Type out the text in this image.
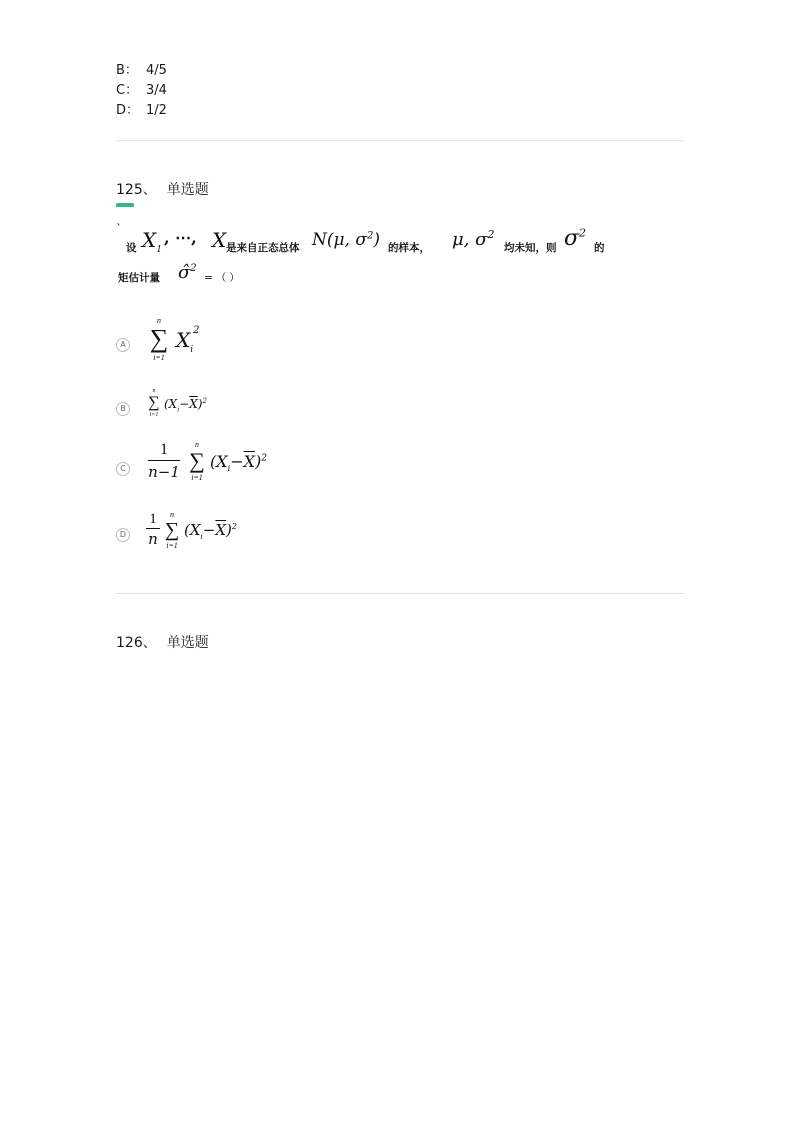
B： 4/5
C： 3/4
D： 1/2
125、 单选题
`
设 $X_1$
, ⋯, X 是来自正态总体 N(μ, $\sigma^2$) 的样本， μ, $\sigma^2$
均未知，则 $\sigma^2$
的
矩估计量 σ̂$^2$
=（）
A
n
∑
i=1
$X_i^2$
B
n
∑
i=1
$(X_i-\overline{X})^2$
C
1
n−1
n
∑
i=1
$(X_i-\overline{X})^2$
D
1
n
n
∑
i=1
$(X_i-\overline{X})^2$
126、 单选题
